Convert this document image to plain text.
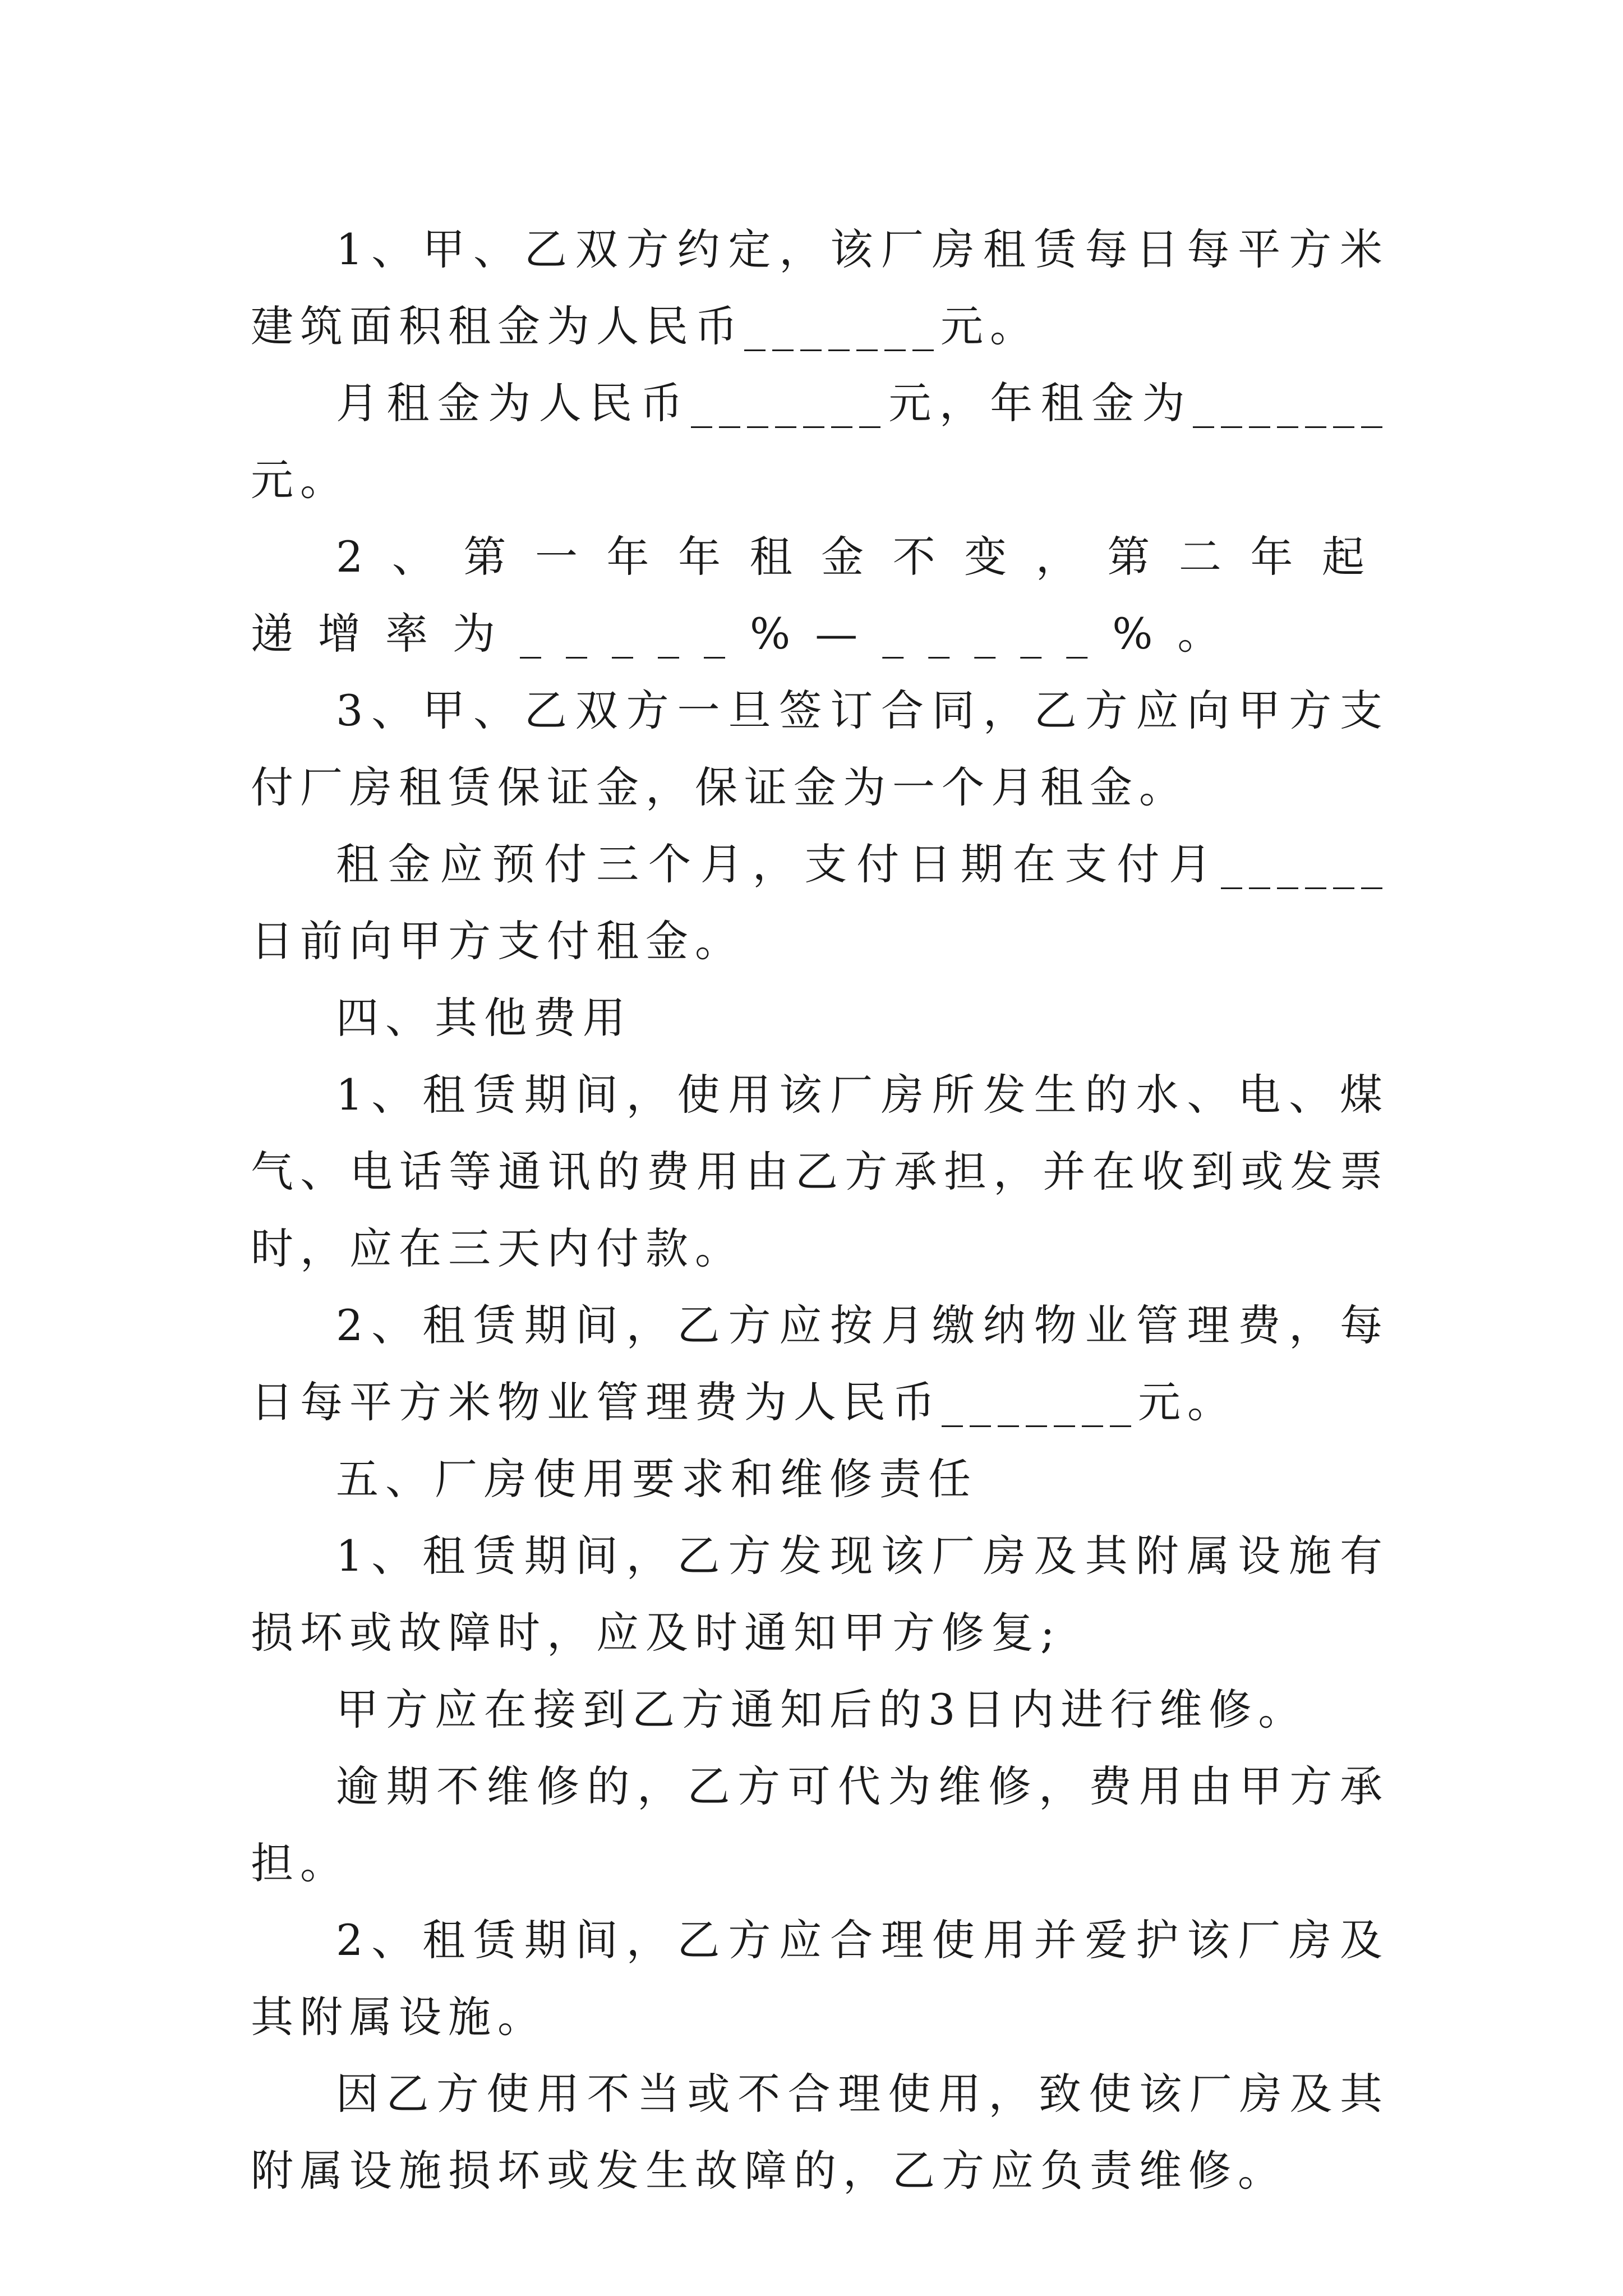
1、甲、乙双方约定，该厂房租赁每日每平方米建筑面积租金为人民币_______元。

月租金为人民币_______元，年租金为_______元。

2、第一年年租金不变，第二年起递增率为_____%—_____%。

3、甲、乙双方一旦签订合同，乙方应向甲方支付厂房租赁保证金，保证金为一个月租金。

租金应预付三个月，支付日期在支付月______日前向甲方支付租金。

四、其他费用

1、租赁期间，使用该厂房所发生的水、电、煤气、电话等通讯的费用由乙方承担，并在收到或发票时，应在三天内付款。

2、租赁期间，乙方应按月缴纳物业管理费，每日每平方米物业管理费为人民币_______元。

五、厂房使用要求和维修责任

1、租赁期间，乙方发现该厂房及其附属设施有损坏或故障时，应及时通知甲方修复;

甲方应在接到乙方通知后的3日内进行维修。

逾期不维修的，乙方可代为维修，费用由甲方承担。

2、租赁期间，乙方应合理使用并爱护该厂房及其附属设施。

因乙方使用不当或不合理使用，致使该厂房及其附属设施损坏或发生故障的，乙方应负责维修。
